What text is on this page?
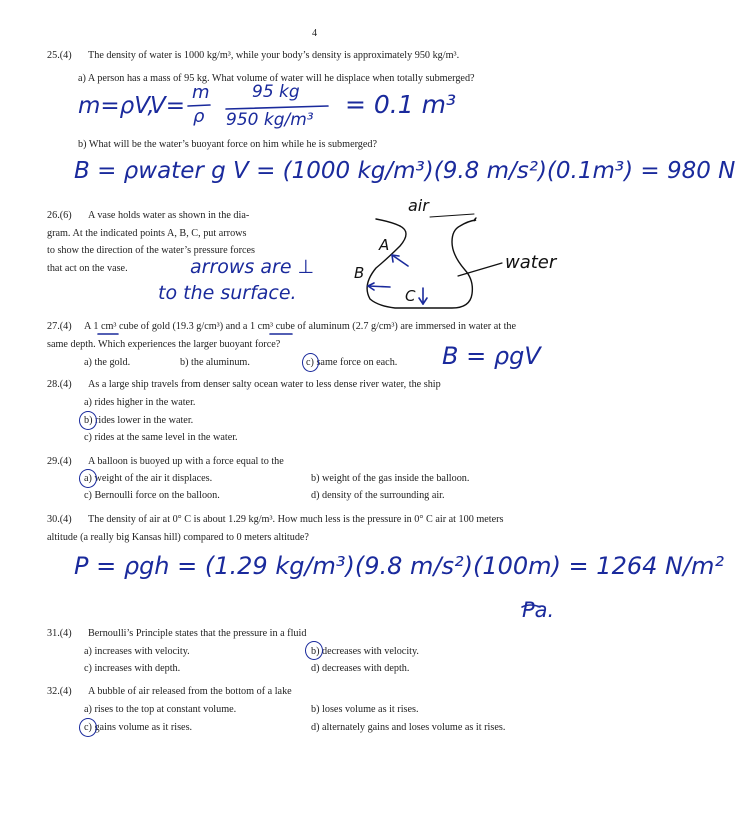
4
25.(4) The density of water is 1000 kg/m³, while your body’s density is approximately 950 kg/m³.
a) A person has a mass of 95 kg. What volume of water will he displace when totally submerged?
m=ρV,
V=
m
ρ
95 kg
950 kg/m³
= 0.1 m³
b) What will be the water’s buoyant force on him while he is submerged?
B = ρwater g V = (1000 kg/m³)(9.8 m/s²)(0.1m³) = 980 N
26.(6) A vase holds water as shown in the dia-
gram. At the indicated points A, B, C, put arrows
to show the direction of the water’s pressure forces
that act on the vase.	arrows are ⊥
to the surface.
air
water
A
B
C
27.(4) A 1 cm³ cube of gold (19.3 g/cm³) and a 1 cm³ cube of aluminum (2.7 g/cm³) are immersed in water at the
same depth. Which experiences the larger buoyant force?
a) the gold.	b) the aluminum.	c) same force on each. B = ρgV
28.(4) As a large ship travels from denser salty ocean water to less dense river water, the ship
a) rides higher in the water.
b) rides lower in the water.
c) rides at the same level in the water.
29.(4) A balloon is buoyed up with a force equal to the
a) weight of the air it displaces.	b) weight of the gas inside the balloon.
c) Bernoulli force on the balloon.	d) density of the surrounding air.
30.(4) The density of air at 0° C is about 1.29 kg/m³. How much less is the pressure in 0° C air at 100 meters
altitude (a really big Kansas hill) compared to 0 meters altitude?
P = ρgh = (1.29 kg/m³)(9.8 m/s²)(100m) = 1264 N/m²
Pa.
31.(4) Bernoulli’s Principle states that the pressure in a fluid
a) increases with velocity.	b) decreases with velocity.
c) increases with depth.	d) decreases with depth.
32.(4) A bubble of air released from the bottom of a lake
a) rises to the top at constant volume.	b) loses volume as it rises.
c) gains volume as it rises.	d) alternately gains and loses volume as it rises.
